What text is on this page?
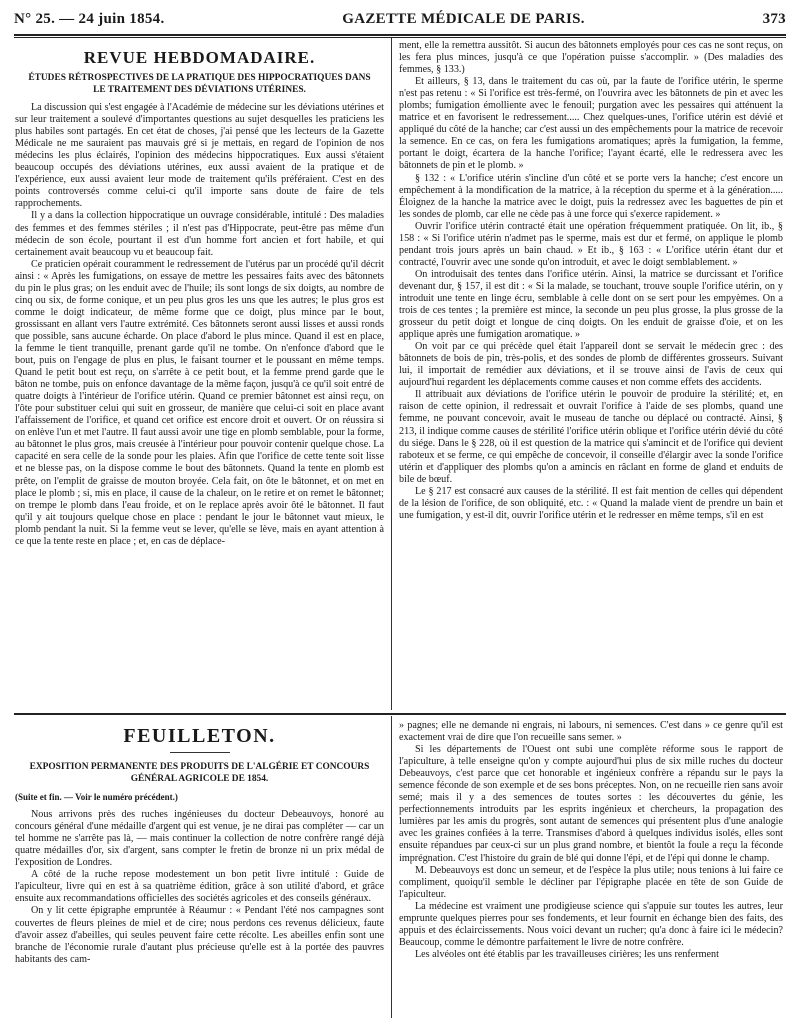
N° 25. — 24 juin 1854.	GAZETTE MÉDICALE DE PARIS.	373
REVUE HEBDOMADAIRE.
ÉTUDES RÉTROSPECTIVES DE LA PRATIQUE DES HIPPOCRATIQUES DANS LE TRAITEMENT DES DÉVIATIONS UTÉRINES.

La discussion qui s'est engagée à l'Académie de médecine sur les déviations utérines et sur leur traitement a soulevé d'importantes questions au sujet desquelles les praticiens les plus habiles sont partagés. En cet état de choses, j'ai pensé que les lecteurs de la Gazette Médicale ne me sauraient pas mauvais gré si je mettais, en regard de l'opinion de nos médecins les plus éclairés, l'opinion des médecins hippocratiques. Eux aussi s'étaient beaucoup occupés des déviations utérines, eux aussi avaient de la pratique et de l'expérience, eux aussi avaient leur mode de traitement qu'ils préféraient. C'est en des points controversés comme celui-ci qu'il importe sans doute de faire de tels rapprochements.

Il y a dans la collection hippocratique un ouvrage considérable, intitulé : Des maladies des femmes et des femmes stériles ; il n'est pas d'Hippocrate, peut-être pas même d'un médecin de son école, pourtant il est d'un homme fort ancien et fort habile, et qui certainement avait beaucoup vu et beaucoup fait.

Ce praticien opérait couramment le redressement de l'utérus par un procédé qu'il décrit ainsi : « Après les fumigations, on essaye de mettre les pessaires faits avec des bâtonnets du pin le plus gras; on les enduit avec de l'huile; ils sont longs de six doigts, au nombre de cinq ou six, de forme conique, et un peu plus gros les uns que les autres; le plus gros est comme le doigt indicateur, de même forme que ce doigt, plus mince par le bout, grossissant en allant vers l'autre extrémité. Ces bâtonnets seront aussi lisses et aussi ronds que possible, sans aucune écharde. On place d'abord le plus mince. Quand il est en place, la femme le tient tranquille, prenant garde qu'il ne tombe. On n'enfonce d'abord que le bout, puis on l'engage de plus en plus, le faisant tourner et le poussant en même temps. Quand le petit bout est reçu, on s'arrête à ce petit bout, et la femme prend garde que le bâton ne tombe, puis on enfonce davantage de la même façon, jusqu'à ce qu'il soit entré de quatre doigts à l'intérieur de l'orifice utérin. Quand ce premier bâtonnet est ainsi reçu, on l'ôte pour substituer celui qui suit en grosseur, de manière que celui-ci soit en place avant l'affaissement de l'orifice, et quand cet orifice est encore droit et ouvert. Or on réussira si on enlève l'un et met l'autre. Il faut aussi avoir une tige en plomb semblable, pour la forme, au bâtonnet le plus gros, mais creusée à l'intérieur pour pouvoir contenir quelque chose. La capacité en sera celle de la sonde pour les plaies. Afin que l'orifice de cette tente soit lisse et ne blesse pas, on la dispose comme le bout des bâtonnets. Quand la tente en plomb est prête, on l'emplit de graisse de mouton broyée. Cela fait, on ôte le bâtonnet, et on met en place le plomb ; si, mis en place, il cause de la chaleur, on le retire et on remet le bâtonnet; on trempe le plomb dans l'eau froide, et on le replace après avoir ôté le bâtonnet. Il faut qu'il y ait toujours quelque chose en place : pendant le jour le bâtonnet vaut mieux, le plomb pendant la nuit. Si la femme veut se lever, qu'elle se lève, mais en ayant attention à ce que la tente reste en place ; et, en cas de déplace-

ment, elle la remettra aussitôt. Si aucun des bâtonnets employés pour ces cas ne sont reçus, on les fera plus minces, jusqu'à ce que l'opération puisse s'accomplir. » (Des maladies des femmes, § 133.)

Et ailleurs, § 13, dans le traitement du cas où, par la faute de l'orifice utérin, le sperme n'est pas retenu : « Si l'orifice est très-fermé, on l'ouvrira avec les bâtonnets de pin et avec les plombs; fumigation émolliente avec le fenouil; purgation avec les pessaires qui atténuent la matrice et en favorisent le redressement..... Chez quelques-unes, l'orifice utérin est dévié et appliqué du côté de la hanche; car c'est aussi un des empêchements pour la matrice de recevoir la semence. En ce cas, on fera les fumigations aromatiques; après la fumigation, la femme, portant le doigt, écartera de la hanche l'orifice; l'ayant écarté, elle le redressera avec les bâtonnets de pin et le plomb. »

§ 132 : « L'orifice utérin s'incline d'un côté et se porte vers la hanche; c'est encore un empêchement à la mondification de la matrice, à la réception du sperme et à la génération..... Éloignez de la hanche la matrice avec le doigt, puis la redressez avec les baguettes de pin et les sondes de plomb, car elle ne cède pas à une force qui s'exerce rapidement. »

Ouvrir l'orifice utérin contracté était une opération fréquemment pratiquée. On lit, ib., § 158 : « Si l'orifice utérin n'admet pas le sperme, mais est dur et fermé, on applique le plomb pendant trois jours après un bain chaud. » Et ib., § 163 : « L'orifice utérin étant dur et contracté, l'ouvrir avec une sonde qu'on introduit, et avec le doigt semblablement. »

On introduisait des tentes dans l'orifice utérin. Ainsi, la matrice se durcissant et l'orifice devenant dur, § 157, il est dit : « Si la malade, se touchant, trouve souple l'orifice utérin, on y introduit une tente en linge écru, semblable à celle dont on se sert pour les empyèmes. On a trois de ces tentes ; la première est mince, la seconde un peu plus grosse, la plus grosse de la grosseur du petit doigt et longue de cinq doigts. On les enduit de graisse d'oie, et on les applique après une fumigation aromatique. »

On voit par ce qui précède quel était l'appareil dont se servait le médecin grec : des bâtonnets de bois de pin, très-polis, et des sondes de plomb de différentes grosseurs. Suivant lui, il importait de remédier aux déviations, et il se trouve ainsi de l'avis de ceux qui aujourd'hui regardent les déplacements comme causes et non comme effets des accidents.

Il attribuait aux déviations de l'orifice utérin le pouvoir de produire la stérilité; et, en raison de cette opinion, il redressait et ouvrait l'orifice à l'aide de ses plombs, quand une femme, ne pouvant concevoir, avait le museau de tanche ou déplacé ou contracté. Ainsi, § 213, il indique comme causes de stérilité l'orifice utérin oblique et l'orifice utérin dévié du côté du siége. Dans le § 228, où il est question de la matrice qui s'amincit et de l'orifice qui devient raboteux et se ferme, ce qui empêche de concevoir, il conseille d'élargir avec la sonde l'orifice utérin et d'appliquer des plombs qu'on a amincis en râclant en forme de gland et enduits de bile de bœuf.

Le § 217 est consacré aux causes de la stérilité. Il est fait mention de celles qui dépendent de la lésion de l'orifice, de son obliquité, etc. : « Quand la malade vient de prendre un bain et une fumigation, y est-il dit, ouvrir l'orifice utérin et le redresser en même temps, s'il en est

FEUILLETON.
EXPOSITION PERMANENTE DES PRODUITS DE L'ALGÉRIE ET CONCOURS GÉNÉRAL AGRICOLE DE 1854.
(Suite et fin. — Voir le numéro précédent.)

Nous arrivons près des ruches ingénieuses du docteur Debeauvoys, honoré au concours général d'une médaille d'argent qui est venue, je ne dirai pas compléter — car un tel homme ne s'arrête pas là, — mais continuer la collection de notre confrère rangé déjà quatre médailles d'or, six d'argent, sans compter le fretin de bronze ni un prix médal de l'exposition de Londres.

A côté de la ruche repose modestement un bon petit livre intitulé : Guide de l'apiculteur, livre qui en est à sa quatrième édition, grâce à son utilité d'abord, et grâce ensuite aux recommandations officielles des sociétés agricoles et des conseils généraux.

On y lit cette épigraphe empruntée à Réaumur : « Pendant l'été nos campagnes sont couvertes de fleurs pleines de miel et de cire; nous perdons ces revenus délicieux, faute d'avoir assez d'abeilles, qui seules peuvent faire cette récolte. Les abeilles enfin sont une branche de l'économie rurale d'autant plus précieuse qu'elle est à la portée des pauvres habitants des cam-

» pagnes; elle ne demande ni engrais, ni labours, ni semences. C'est dans » ce genre qu'il est exactement vrai de dire que l'on recueille sans semer. »

Si les départements de l'Ouest ont subi une complète réforme sous le rapport de l'apiculture, à telle enseigne qu'on y compte aujourd'hui plus de six mille ruches du docteur Debeauvoys, c'est parce que cet honorable et ingénieux confrère a répandu sur le pays la semence féconde de son exemple et de ses bons préceptes. Non, on ne recueille rien sans avoir semé; mais il y a des semences de toutes sortes : les découvertes du génie, les perfectionnements introduits par les esprits ingénieux et chercheurs, la propagation des lumières par les amis du progrès, sont autant de semences qui présentent plus d'une analogie avec les graines confiées à la terre. Transmises d'abord à quelques individus isolés, elles sont ensuite répandues par ceux-ci sur un plus grand nombre, et bientôt la foule a reçu la féconde imprégnation. C'est l'histoire du grain de blé qui donne l'épi, et de l'épi qui donne le champ.

M. Debeauvoys est donc un semeur, et de l'espèce la plus utile; nous tenions à lui faire ce compliment, quoiqu'il semble le décliner par l'épigraphe placée en tête de son Guide de l'apiculteur.

La médecine est vraiment une prodigieuse science qui s'appuie sur toutes les autres, leur emprunte quelques pierres pour ses fondements, et leur fournit en échange bien des faits, des appuis et des éclaircissements. Nous voici devant un rucher; qu'a donc à faire ici le médecin? Beaucoup, comme le démontre parfaitement le livre de notre confrère.

Les alvéoles ont été établis par les travailleuses cirières; les uns renferment
